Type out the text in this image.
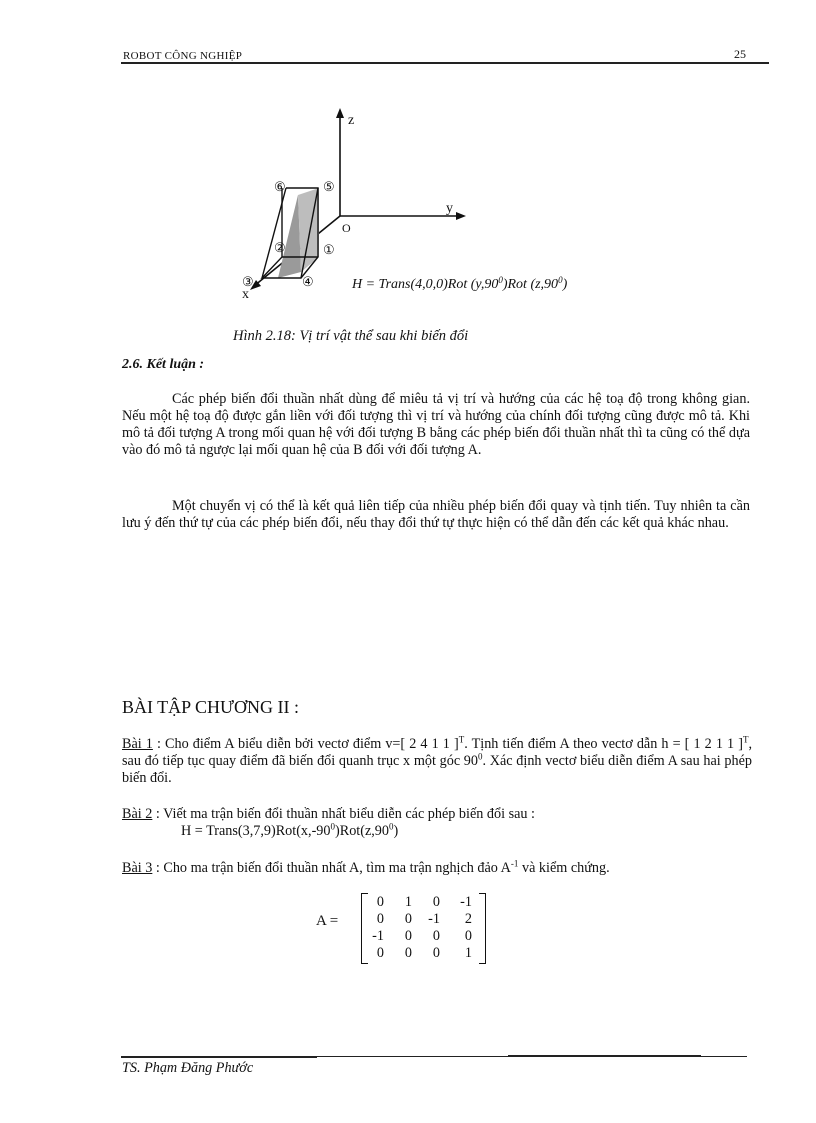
ROBOT CÔNG NGHIỆP	25
z
y
x
O
①
②
③	④
⑤
⑥
H = Trans(4,0,0)Rot $(y,90^0)Rot$ $(z,90^0)$
Hình 2.18: Vị trí vật thể sau khi biến đổi
2.6. Kết luận :
Các phép biến đổi thuần nhất dùng để miêu tả vị trí và hướng của các hệ toạ độ trong không gian. Nếu một hệ toạ độ được gắn liền với đối tượng thì vị trí và hướng của chính đối tượng cũng được mô tả. Khi mô tả đối tượng A trong mối quan hệ với đối tượng B bằng các phép biến đổi thuần nhất thì ta cũng có thể dựa vào đó mô tả ngược lại mối quan hệ của B đối với đối tượng A.
Một chuyển vị có thể là kết quả liên tiếp của nhiều phép biến đổi quay và tịnh tiến. Tuy nhiên ta cần lưu ý đến thứ tự của các phép biến đổi, nếu thay đổi thứ tự thực hiện có thể dẫn đến các kết quả khác nhau.
BÀI TẬP CHƯƠNG II :
Bài 1 : Cho điểm A biểu diễn bởi vectơ điểm v=[ 2 4 1 1 ]$^T$. Tịnh tiến điểm A theo vectơ dẫn h = [ 1 2 1 1 ]$^T$, sau đó tiếp tục quay điểm đã biến đổi quanh trục x một góc $90^0$. Xác định vectơ biểu diễn điểm A sau hai phép biến đổi.
Bài 2 : Viết ma trận biến đổi thuần nhất biểu diễn các phép biến đổi sau :
$H = Trans(3,7,9)Rot(x,-90^0)Rot(z,90^0)$
Bài 3 : Cho ma trận biến đổi thuần nhất A, tìm ma trận nghịch đảo $A^{-1}$ và kiểm chứng.
A =
0	1	0	-1
0	0	-1	2
-1	0	0	0
0	0	0	1
TS. Phạm Đăng Phước
